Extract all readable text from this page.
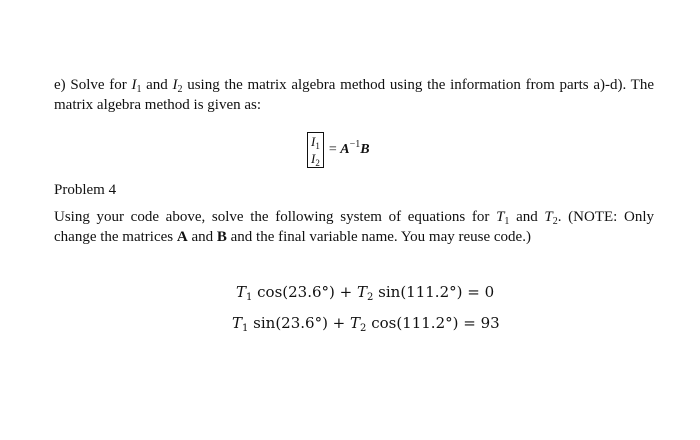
e) Solve for $I_1$ and $I_2$ using the matrix algebra method using the information from parts a)-d). The matrix algebra method is given as:
$I_1$
$I_2$
= $A^{-1}B$
Problem 4
Using your code above, solve the following system of equations for $T_1$ and $T_2$. (NOTE: Only change the matrices A and B and the final variable name. You may reuse code.)
$T_1$ $\cos(23.6^\circ) + T_2$ sin(111.2°) = 0
$T_1$ $\sin(23.6^\circ) + T_2$ cos(111.2°) = 93
